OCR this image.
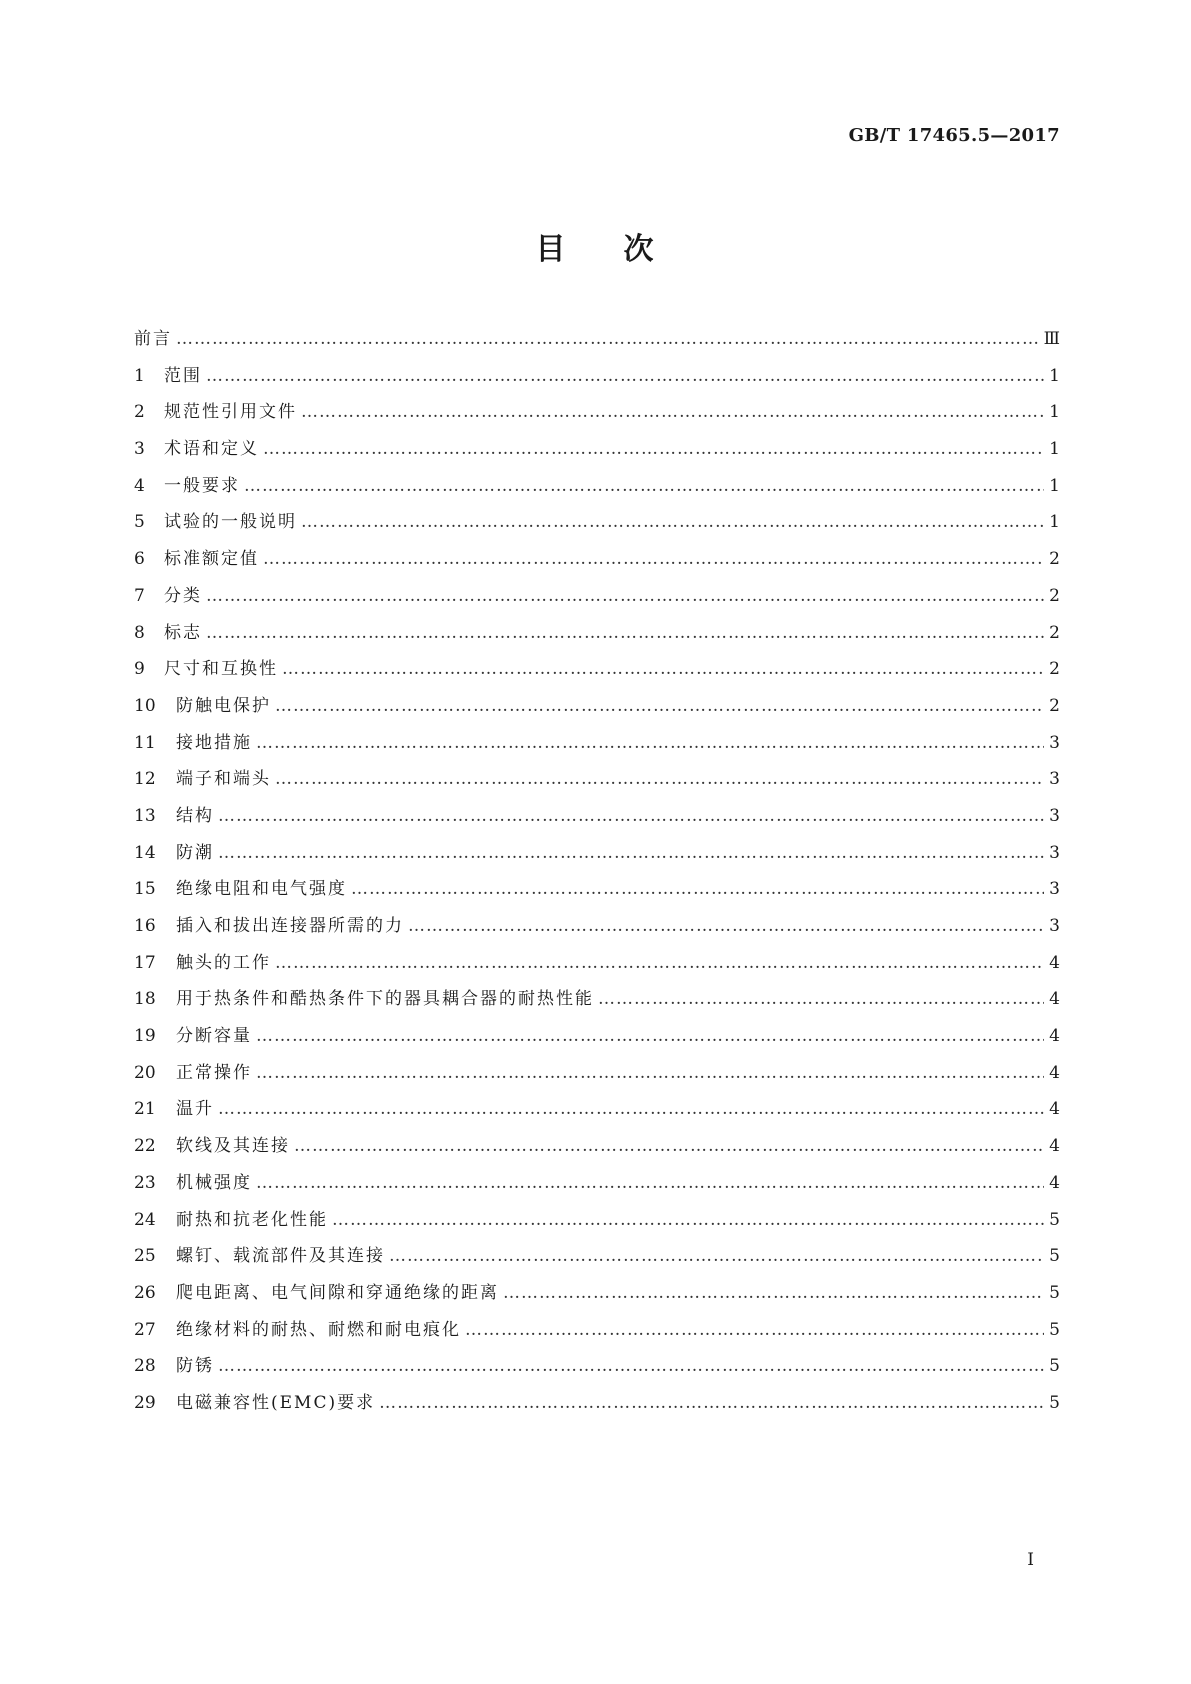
GB/T 17465.5—2017
目 次
前言 ……………………………………………………………………………………………………………………………………………………………………………………………………	Ⅲ
1	范围 ……………………………………………………………………………………………………………………………………………………………………………………………………	1
2	规范性引用文件 ……………………………………………………………………………………………………………………………………………………………………………………………………	1
3	术语和定义 ……………………………………………………………………………………………………………………………………………………………………………………………………	1
4	一般要求 ……………………………………………………………………………………………………………………………………………………………………………………………………	1
5	试验的一般说明 ……………………………………………………………………………………………………………………………………………………………………………………………………	1
6	标准额定值 ……………………………………………………………………………………………………………………………………………………………………………………………………	2
7	分类 ……………………………………………………………………………………………………………………………………………………………………………………………………	2
8	标志 ……………………………………………………………………………………………………………………………………………………………………………………………………	2
9	尺寸和互换性 ……………………………………………………………………………………………………………………………………………………………………………………………………	2
10	防触电保护 ……………………………………………………………………………………………………………………………………………………………………………………………………	2
11	接地措施 ……………………………………………………………………………………………………………………………………………………………………………………………………	3
12	端子和端头 ……………………………………………………………………………………………………………………………………………………………………………………………………	3
13	结构 ……………………………………………………………………………………………………………………………………………………………………………………………………	3
14	防潮 ……………………………………………………………………………………………………………………………………………………………………………………………………	3
15	绝缘电阻和电气强度 ……………………………………………………………………………………………………………………………………………………………………………………………………	3
16	插入和拔出连接器所需的力 ……………………………………………………………………………………………………………………………………………………………………………………………………	3
17	触头的工作 ……………………………………………………………………………………………………………………………………………………………………………………………………	4
18	用于热条件和酷热条件下的器具耦合器的耐热性能 ……………………………………………………………………………………………………………………………………………………………………………………………………	4
19	分断容量 ……………………………………………………………………………………………………………………………………………………………………………………………………	4
20	正常操作 ……………………………………………………………………………………………………………………………………………………………………………………………………	4
21	温升 ……………………………………………………………………………………………………………………………………………………………………………………………………	4
22	软线及其连接 ……………………………………………………………………………………………………………………………………………………………………………………………………	4
23	机械强度 ……………………………………………………………………………………………………………………………………………………………………………………………………	4
24	耐热和抗老化性能 ……………………………………………………………………………………………………………………………………………………………………………………………………	5
25	螺钉、载流部件及其连接 ……………………………………………………………………………………………………………………………………………………………………………………………………	5
26	爬电距离、电气间隙和穿通绝缘的距离 ……………………………………………………………………………………………………………………………………………………………………………………………………	5
27	绝缘材料的耐热、耐燃和耐电痕化 ……………………………………………………………………………………………………………………………………………………………………………………………………	5
28	防锈 ……………………………………………………………………………………………………………………………………………………………………………………………………	5
29	电磁兼容性(EMC)要求 ……………………………………………………………………………………………………………………………………………………………………………………………………	5
I
